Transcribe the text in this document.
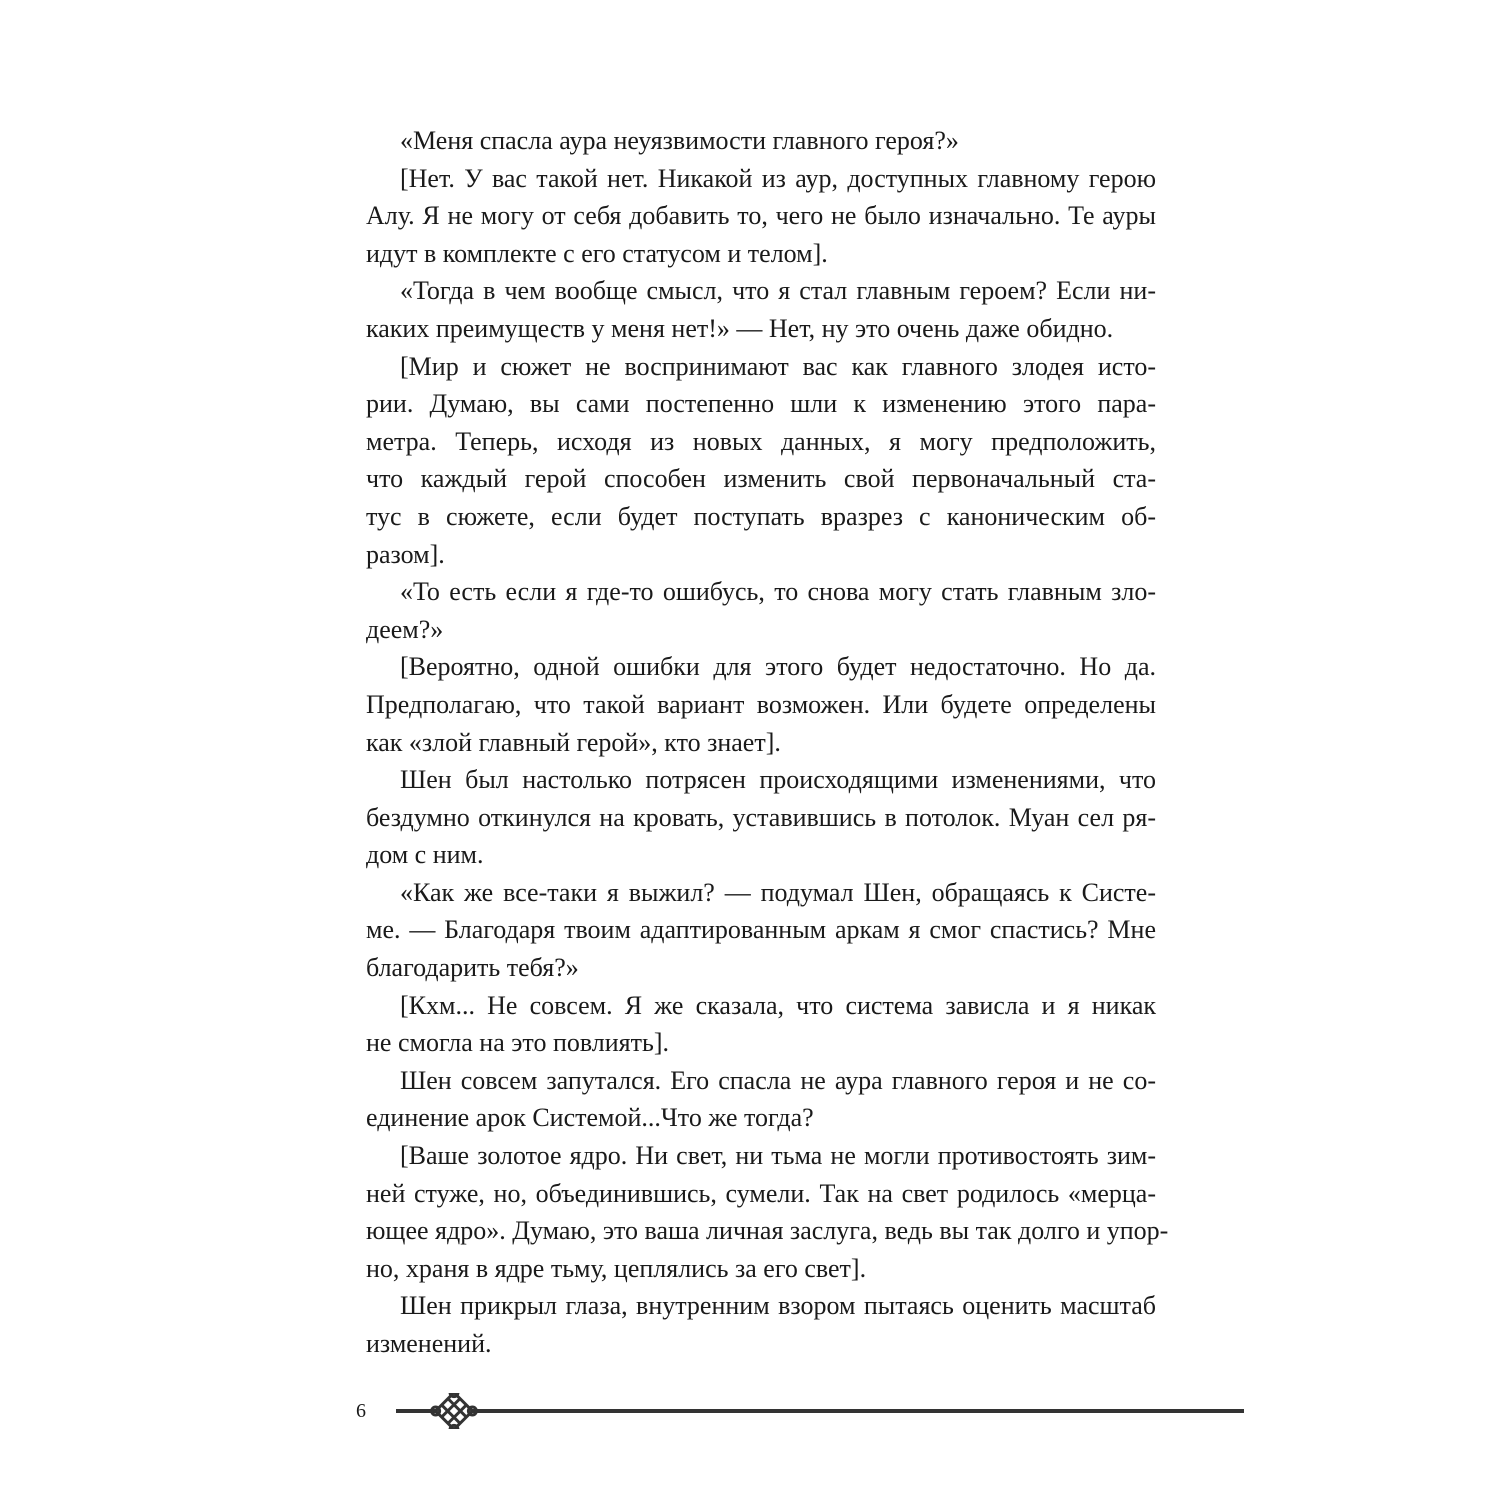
«Меня спасла аура неуязвимости главного героя?»
[Нет. У вас такой нет. Никакой из аур, доступных главному герою
Алу. Я не могу от себя добавить то, чего не было изначально. Те ауры
идут в комплекте с его статусом и телом].
«Тогда в чем вообще смысл, что я стал главным героем? Если ни-
каких преимуществ у меня нет!» — Нет, ну это очень даже обидно.
[Мир и сюжет не воспринимают вас как главного злодея исто-
рии. Думаю, вы сами постепенно шли к изменению этого пара-
метра. Теперь, исходя из новых данных, я могу предположить,
что каждый герой способен изменить свой первоначальный ста-
тус в сюжете, если будет поступать вразрез с каноническим об-
разом].
«То есть если я где-то ошибусь, то снова могу стать главным зло-
деем?»
[Вероятно, одной ошибки для этого будет недостаточно. Но да.
Предполагаю, что такой вариант возможен. Или будете определены
как «злой главный герой», кто знает].
Шен был настолько потрясен происходящими изменениями, что
бездумно откинулся на кровать, уставившись в потолок. Муан сел ря-
дом с ним.
«Как же все-таки я выжил? — подумал Шен, обращаясь к Систе-
ме. — Благодаря твоим адаптированным аркам я смог спастись? Мне
благодарить тебя?»
[Кхм... Не совсем. Я же сказала, что система зависла и я никак
не смогла на это повлиять].
Шен совсем запутался. Его спасла не аура главного героя и не со-
единение арок Системой...Что же тогда?
[Ваше золотое ядро. Ни свет, ни тьма не могли противостоять зим-
ней стуже, но, объединившись, сумели. Так на свет родилось «мерца-
ющее ядро». Думаю, это ваша личная заслуга, ведь вы так долго и упор-
но, храня в ядре тьму, цеплялись за его свет].
Шен прикрыл глаза, внутренним взором пытаясь оценить масштаб
изменений.
6
